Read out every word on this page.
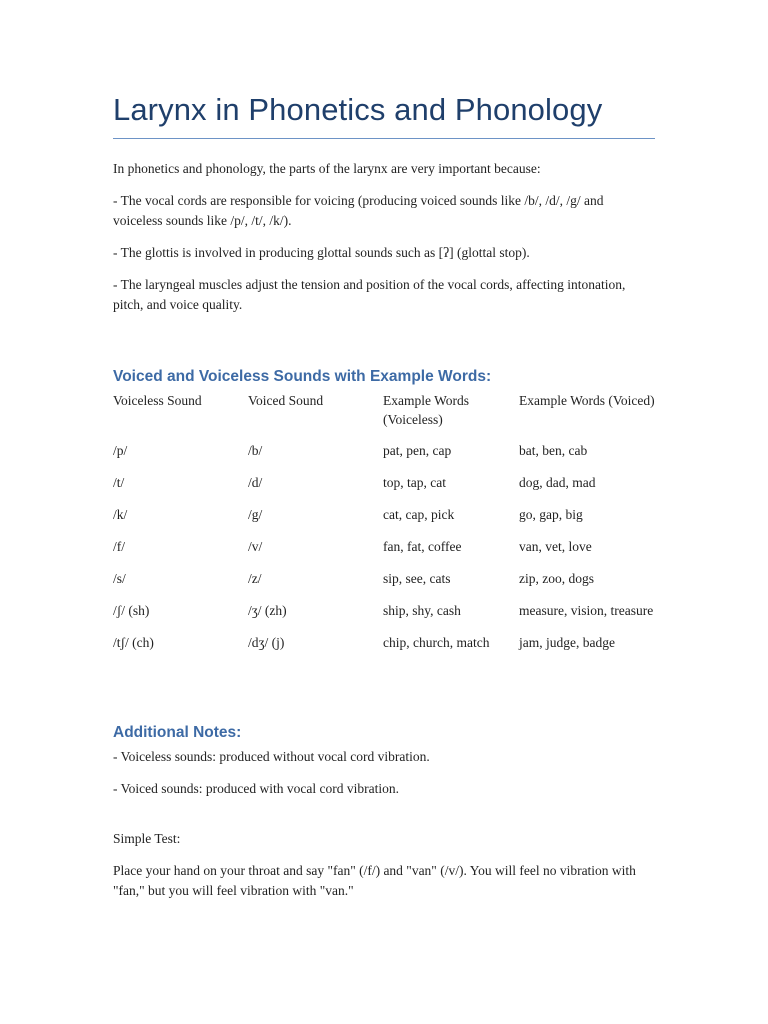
Larynx in Phonetics and Phonology

In phonetics and phonology, the parts of the larynx are very important because:

- The vocal cords are responsible for voicing (producing voiced sounds like /b/, /d/, /g/ and voiceless sounds like /p/, /t/, /k/).

- The glottis is involved in producing glottal sounds such as [ʔ] (glottal stop).

- The laryngeal muscles adjust the tension and position of the vocal cords, affecting intonation, pitch, and voice quality.

Voiced and Voiceless Sounds with Example Words:
Voiceless Sound	Voiced Sound	Example Words (Voiceless)	Example Words (Voiced)
/p/	/b/	pat, pen, cap	bat, ben, cab
/t/	/d/	top, tap, cat	dog, dad, mad
/k/	/g/	cat, cap, pick	go, gap, big
/f/	/v/	fan, fat, coffee	van, vet, love
/s/	/z/	sip, see, cats	zip, zoo, dogs
/ʃ/ (sh)	/ʒ/ (zh)	ship, shy, cash	measure, vision, treasure
/tʃ/ (ch)	/dʒ/ (j)	chip, church, match	jam, judge, badge
Additional Notes:

- Voiceless sounds: produced without vocal cord vibration.

- Voiced sounds: produced with vocal cord vibration.

Simple Test:

Place your hand on your throat and say "fan" (/f/) and "van" (/v/). You will feel no vibration with "fan," but you will feel vibration with "van."
